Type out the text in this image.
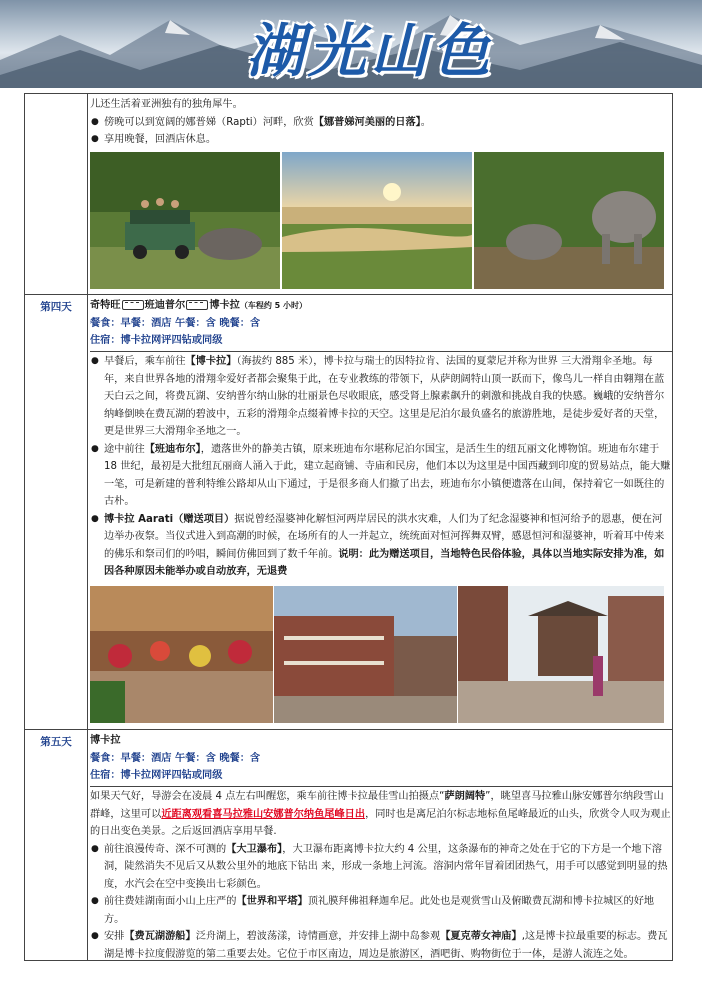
湖光山色
儿还生活着亚洲独有的独角犀牛。
● 傍晚可以到宽阔的娜普娣（Rapti）河畔，欣赏【娜普娣河美丽的日落】。
● 享用晚餐，回酒店休息。
第四天	奇特旺 班迪普尔 博卡拉（车程约 5 小时）
餐食：早餐：酒店 午餐：含 晚餐：含
住宿：博卡拉网评四钻或同级
● 早餐后，乘车前往【博卡拉】（海拔约 885 米），博卡拉与瑞士的因特拉肯、法国的夏蒙尼并称为世界 三大滑翔伞圣地。每年，来自世界各地的滑翔伞爱好者都会聚集于此，在专业教练的带领下，从萨朗阔特山顶一跃而下，像鸟儿一样自由翱翔在蓝天白云之间，将费瓦湖、安纳普尔纳山脉的壮丽景色尽收眼底，感受肾上腺素飙升的刺激和挑战自我的快感。巍峨的安纳普尔纳峰倒映在费瓦湖的碧波中，五彩的滑翔伞点缀着博卡拉的天空。这里是尼泊尔最负盛名的旅游胜地，是徒步爱好者的天堂，更是世界三大滑翔伞圣地之一。
● 途中前往【班迪布尔】，遗落世外的静美古镇，原来班迪布尔堪称尼泊尔国宝，是活生生的纽瓦丽文化博物馆。班迪布尔建于 18 世纪，最初是大批纽瓦丽商人涌入于此，建立起商铺、寺庙和民房，他们本以为这里是中国西藏到印度的贸易站点，能大赚一笔，可是新建的普利特维公路却从山下通过，于是很多商人们撤了出去，班迪布尔小镇便遗落在山间，保持着它一如既往的古朴。
● 博卡拉 Aarati（赠送项目）据说曾经湿婆神化解恒河两岸居民的洪水灾难，人们为了纪念湿婆神和恒河给予的恩惠，便在河边举办夜祭。当仪式进入到高潮的时候，在场所有的人一并起立，统统面对恒河挥舞双臂，感恩恒河和湿婆神，听着耳中传来的佛乐和祭司们的吟唱，瞬间仿佛回到了数千年前。说明：此为赠送项目，当地特色民俗体验，具体以当地实际安排为准，如因各种原因未能举办或自动放弃，无退费
第五天	博卡拉
餐食：早餐：酒店 午餐：含 晚餐：含
住宿：博卡拉网评四钻或同级
如果天气好，导游会在凌晨 4 点左右叫醒您，乘车前往博卡拉最佳雪山拍摄点“萨朗阔特”，眺望喜马拉雅山脉安娜普尔纳段雪山群峰，这里可以近距离观看喜马拉雅山安娜普尔纳鱼尾峰日出，同时也是离尼泊尔标志地标鱼尾峰最近的山头，欣赏令人叹为观止的日出变色美景。之后返回酒店享用早餐.
● 前往浪漫传奇、深不可测的【大卫瀑布】，大卫瀑布距离博卡拉大约 4 公里，这条瀑布的神奇之处在于它的下方是一个地下溶洞，陡然消失不见后又从数公里外的地底下钻出 来，形成一条地上河流。溶洞内常年冒着团团热气，用手可以感觉到明显的热度，水汽会在空中变换出七彩颜色。
● 前往费娃湖南面小山上庄严的【世界和平塔】顶礼膜拜佛祖释迦牟尼。此处也是观赏雪山及俯瞰费瓦湖和博卡拉城区的好地方。
● 安排【费瓦湖游船】泛舟湖上，碧波荡漾，诗情画意，并安排上湖中岛参观【夏克蒂女神庙】,这是博卡拉最重要的标志。费瓦湖是博卡拉度假游览的第二重要去处。它位于市区南边，周边是旅游区，酒吧街、购物街位于一体，是游人流连之处。
